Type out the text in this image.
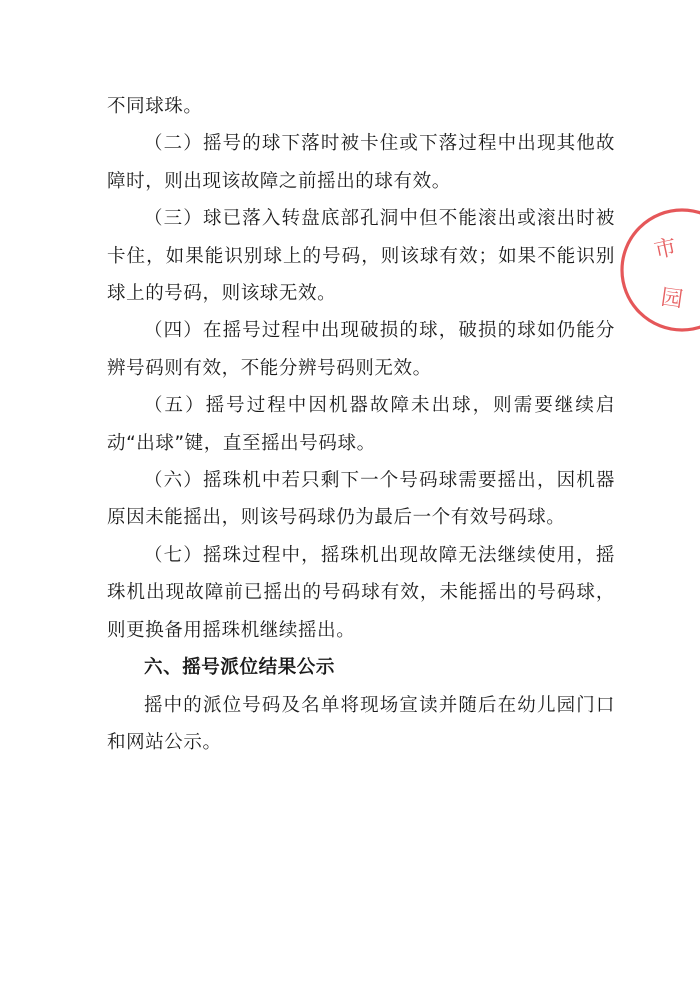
不同球珠。

（二）摇号的球下落时被卡住或下落过程中出现其他故障时，则出现该故障之前摇出的球有效。

（三）球已落入转盘底部孔洞中但不能滚出或滚出时被卡住，如果能识别球上的号码，则该球有效；如果不能识别球上的号码，则该球无效。

（四）在摇号过程中出现破损的球，破损的球如仍能分辨号码则有效，不能分辨号码则无效。

（五）摇号过程中因机器故障未出球，则需要继续启动“出球”键，直至摇出号码球。

（六）摇珠机中若只剩下一个号码球需要摇出，因机器原因未能摇出，则该号码球仍为最后一个有效号码球。

（七）摇珠过程中，摇珠机出现故障无法继续使用，摇珠机出现故障前已摇出的号码球有效，未能摇出的号码球，则更换备用摇珠机继续摇出。

六、摇号派位结果公示

摇中的派位号码及名单将现场宣读并随后在幼儿园门口和网站公示。

市
园
